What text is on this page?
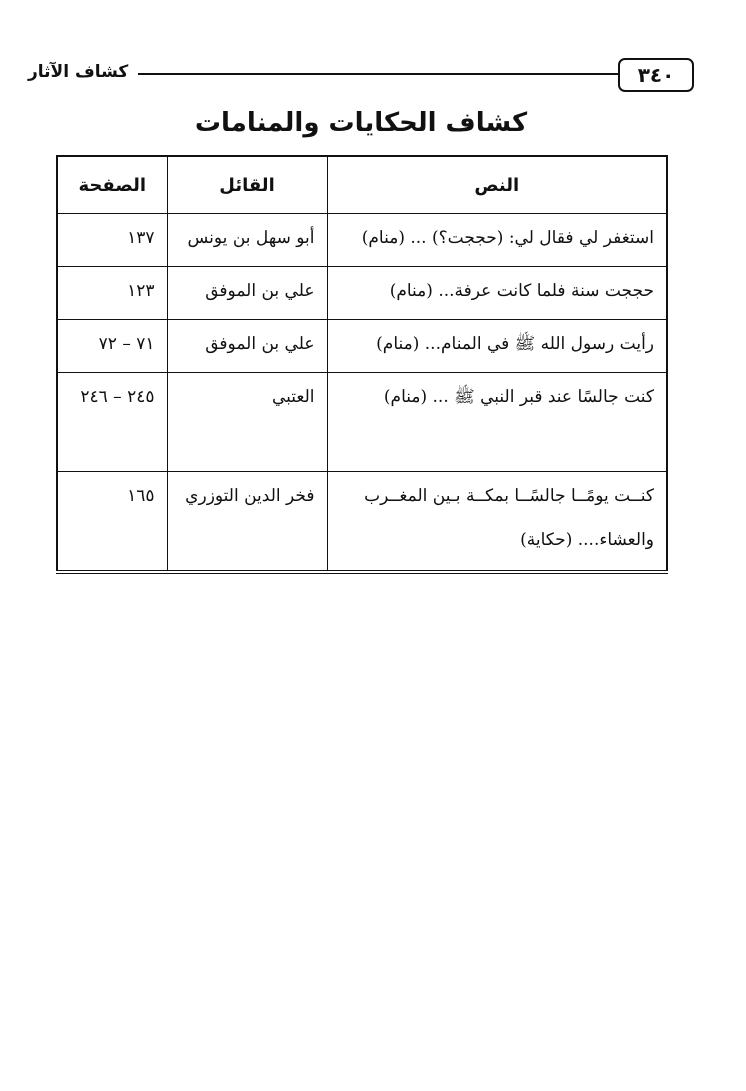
كشاف الآثار	٣٤٠
كشاف الحكايات والمنامات
النص	القائل	الصفحة
استغفر لي فقال لي: (حججت؟) ... (منام)	أبو سهل بن يونس	١٣٧
حججت سنة فلما كانت عرفة... (منام)	علي بن الموفق	١٢٣
رأيت رسول الله ﷺ في المنام... (منام)	علي بن الموفق	٧١ – ٧٢
كنت جالسًا عند قبر النبي ﷺ ... (منام)	العتبي	٢٤٥ – ٢٤٦
كنــت يومًــا جالسًــا بمكــة بـين المغــرب والعشاء.... (حكاية)	فخر الدين التوزري	١٦٥
